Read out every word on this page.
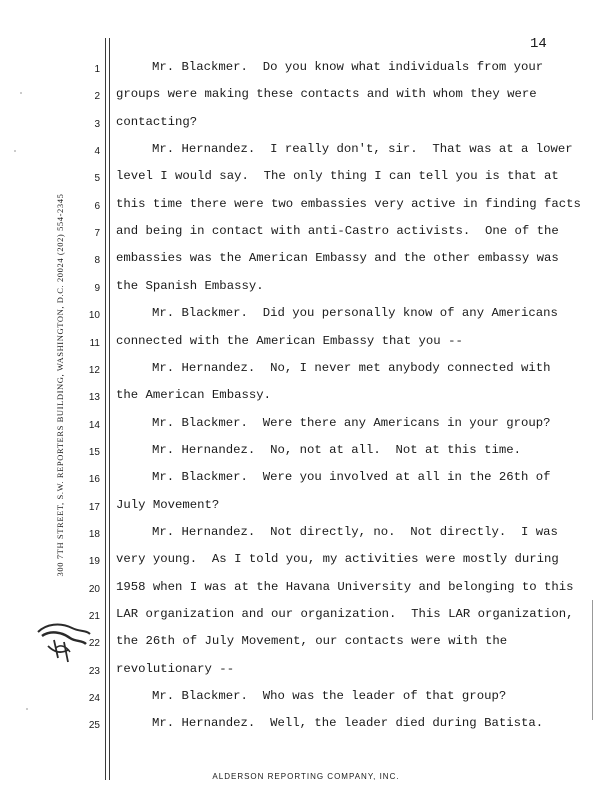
14
300 7TH STREET, S.W. REPORTERS BUILDING, WASHINGTON, D.C. 20024 (202) 554-2345
1	Mr. Blackmer.  Do you know what individuals from your
2 groups were making these contacts and with whom they were
3 contacting?
4	Mr. Hernandez.  I really don't, sir.  That was at a lower
5 level I would say.  The only thing I can tell you is that at
6 this time there were two embassies very active in finding facts
7 and being in contact with anti-Castro activists.  One of the
8 embassies was the American Embassy and the other embassy was
9 the Spanish Embassy.
10	Mr. Blackmer.  Did you personally know of any Americans
11 connected with the American Embassy that you --
12	Mr. Hernandez.  No, I never met anybody connected with
13 the American Embassy.
14	Mr. Blackmer.  Were there any Americans in your group?
15	Mr. Hernandez.  No, not at all.  Not at this time.
16	Mr. Blackmer.  Were you involved at all in the 26th of
17 July Movement?
18	Mr. Hernandez.  Not directly, no.  Not directly.  I was
19 very young.  As I told you, my activities were mostly during
20 1958 when I was at the Havana University and belonging to this
21 LAR organization and our organization.  This LAR organization,
22 the 26th of July Movement, our contacts were with the
23 revolutionary --
24	Mr. Blackmer.  Who was the leader of that group?
25	Mr. Hernandez.  Well, the leader died during Batista.
ALDERSON REPORTING COMPANY, INC.
